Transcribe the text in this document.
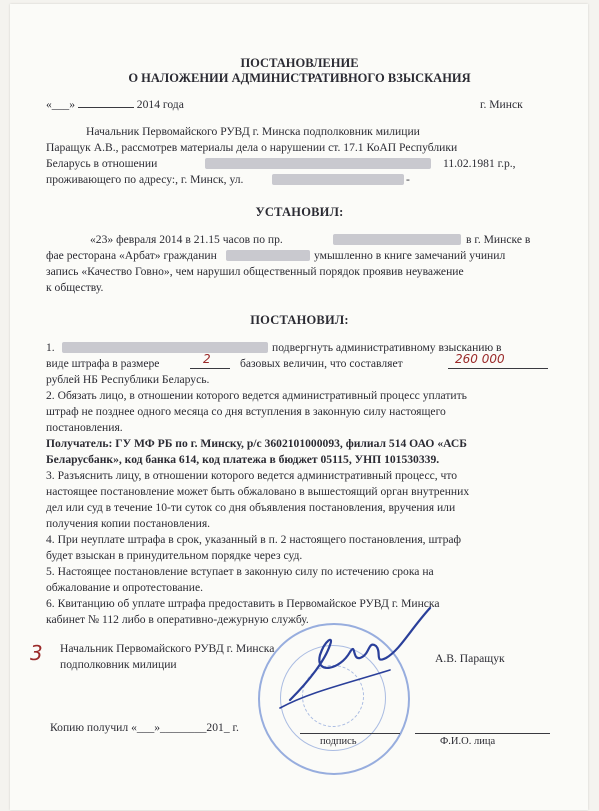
ПОСТАНОВЛЕНИЕ
О НАЛОЖЕНИИ АДМИНИСТРАТИВНОГО ВЗЫСКАНИЯ
«___»	2014 года	г. Минск
Начальник Первомайского РУВД г. Минска подполковник милиции
Паращук А.В., рассмотрев материалы дела о нарушении ст. 17.1 КоАП Республики
Беларусь в отношении	11.02.1981 г.р.,
проживающего по адресу:, г. Минск, ул.	-
УСТАНОВИЛ:
«23» февраля 2014 в 21.15 часов по пр.	в г. Минске в
фае ресторана «Арбат» гражданин	умышленно в книге замечаний учинил
запись «Качество Говно», чем нарушил общественный порядок проявив неуважение
к обществу.
ПОСТАНОВИЛ:
1.	подвергнуть административному взысканию в
виде штрафа в размере	2	базовых величин, что составляет	260 000
рублей НБ Республики Беларусь.
2. Обязать лицо, в отношении которого ведется административный процесс уплатить
штраф не позднее одного месяца со дня вступления в законную силу настоящего
постановления.
Получатель: ГУ МФ РБ по г. Минску, р/с 3602101000093, филиал 514 ОАО «АСБ
Беларусбанк», код банка 614, код платежа в бюджет 05115, УНП 101530339.
3. Разъяснить лицу, в отношении которого ведется административный процесс, что
настоящее постановление может быть обжаловано в вышестоящий орган внутренних
дел или суд в течение 10-ти суток со дня объявления постановления, вручения или
получения копии постановления.
4. При неуплате штрафа в срок, указанный в п. 2 настоящего постановления, штраф
будет взыскан в принудительном порядке через суд.
5. Настоящее постановление вступает в законную силу по истечению срока на
обжалование и опротестование.
6. Квитанцию об уплате штрафа предоставить в Первомайское РУВД г. Минска
кабинет № 112 либо в оперативно-дежурную службу.
3 Начальник Первомайского РУВД г. Минска
подполковник милиции	А.В. Паращук
Копию получил «___»________201_ г.
подпись	Ф.И.О. лица
